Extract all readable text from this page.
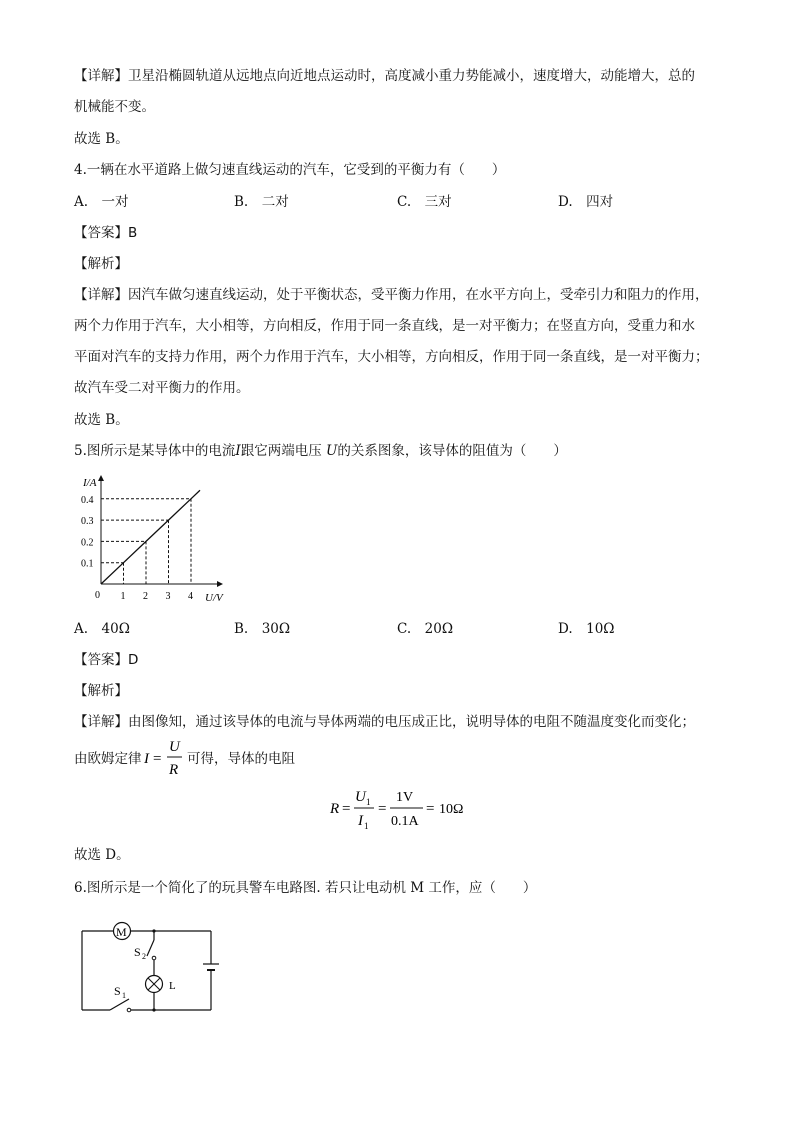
【详解】卫星沿椭圆轨道从远地点向近地点运动时，高度减小重力势能减小，速度增大，动能增大，总的
机械能不变。
故选 B。
4.一辆在水平道路上做匀速直线运动的汽车，它受到的平衡力有（　　）
A.　一对	B.　二对	C.　三对	D.　四对
【答案】B
【解析】
【详解】因汽车做匀速直线运动，处于平衡状态，受平衡力作用，在水平方向上，受牵引力和阻力的作用，
两个力作用于汽车，大小相等，方向相反，作用于同一条直线，是一对平衡力；在竖直方向，受重力和水
平面对汽车的支持力作用，两个力作用于汽车，大小相等，方向相反，作用于同一条直线，是一对平衡力；
故汽车受二对平衡力的作用。
故选 B。
5.图所示是某导体中的电流I跟它两端电压 U的关系图象，该导体的阻值为（　　）
I/A
U/V
0 1
0.1
2
0.2
3
0.3
4
0.4
A.　40Ω	B.　30Ω	C.　20Ω	D.　10Ω
【答案】D
【解析】
【详解】由图像知，通过该导体的电流与导体两端的电压成正比，说明导体的电阻不随温度变化而变化；
由欧姆定律 I =
U
R
可得，导体的电阻
R =
U 1
I 1
=
1V
0.1A
= 10Ω
故选 D。
6.图所示是一个简化了的玩具警车电路图. 若只让电动机 M 工作，应（　　）
M
S 2
L
S 1
